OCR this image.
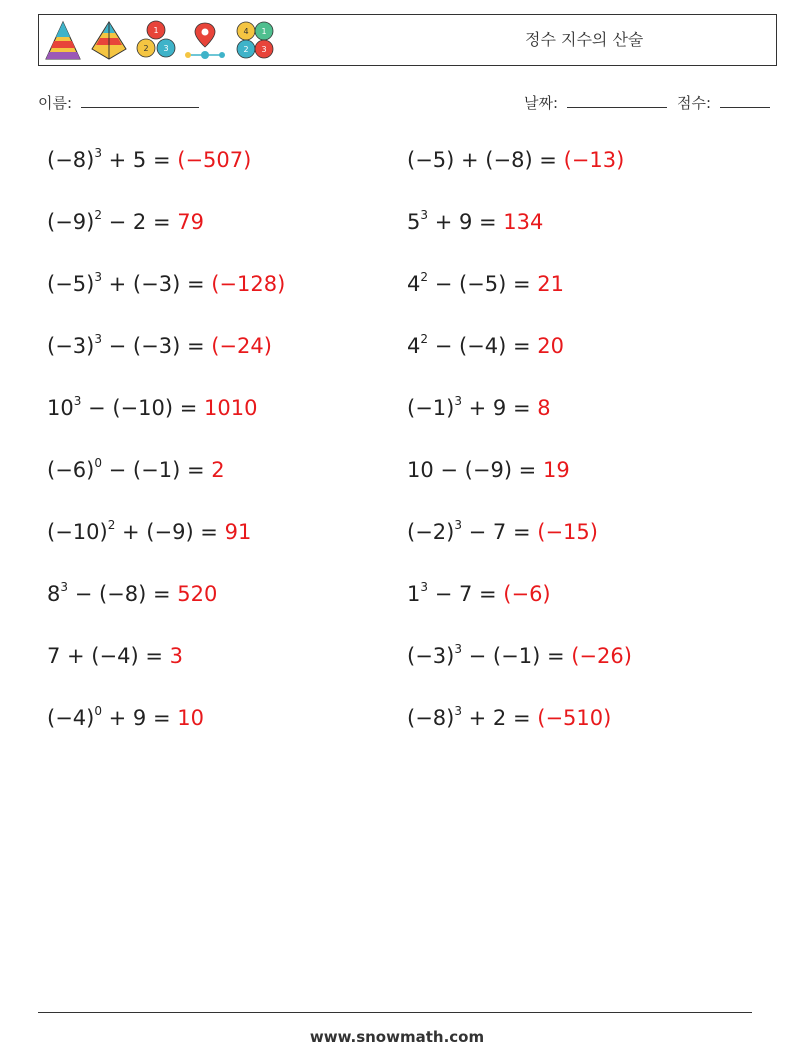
1
2 3
4 1
2 3
정수 지수의 산술
이름:	날짜:	점수:
$(-8)^3 + 5 = (-507)$	(−5) + (−8) = (−13)
$(-9)^2 - 2 = 79$	$5^3 + 9 = 134$
$(-5)^3 + (-3) = (-128)$	$4^2 - (-5) = 21$
$(-3)^3 - (-3) = (-24)$	$4^2 - (-4) = 20$
$10^3 - (-10) = 1010$	$(-1)^3 + 9 = 8$
$(-6)^0 - (-1) = 2$	10 − (−9) = 19
$(-10)^2 + (-9) = 91$	$(-2)^3 - 7 = (-15)$
$8^3 - (-8) = 520$	$1^3 - 7 = (-6)$
7 + (−4) = 3	$(-3)^3 - (-1) = (-26)$
$(-4)^0 + 9 = 10$	$(-8)^3 + 2 = (-510)$
www.snowmath.com
